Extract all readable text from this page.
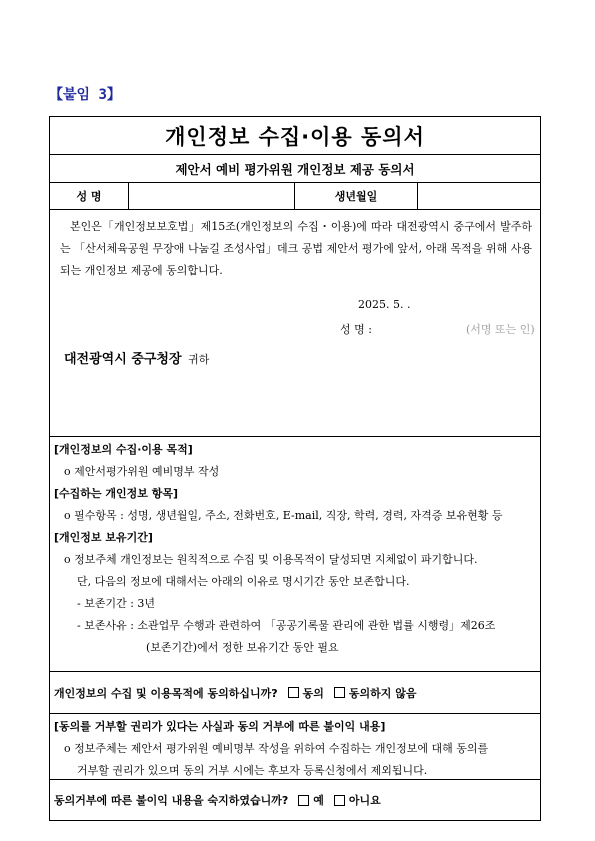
【붙임 3】
개인정보 수집·이용 동의서
제안서 예비 평가위원 개인정보 제공 동의서
성 명	생년월일

본인은「개인정보보호법」제15조(개인정보의 수집・이용)에 따라 대전광역시 중구에서 발주하는 「산서체육공원 무장애 나눔길 조성사업」데크 공법 제안서 평가에 앞서, 아래 목적을 위해 사용되는 개인정보 제공에 동의합니다.

2025. 5. .
성 명 :	(서명 또는 인)
대전광역시 중구청장 귀하
[개인정보의 수집·이용 목적]
o 제안서평가위원 예비명부 작성
[수집하는 개인정보 항목]
o 필수항목 : 성명, 생년월일, 주소, 전화번호, E-mail, 직장, 학력, 경력, 자격증 보유현황 등
[개인정보 보유기간]
o 정보주체 개인정보는 원칙적으로 수집 및 이용목적이 달성되면 지체없이 파기합니다.
단, 다음의 정보에 대해서는 아래의 이유로 명시기간 동안 보존합니다.
- 보존기간 : 3년
- 보존사유 : 소관업무 수행과 관련하여 「공공기록물 관리에 관한 법률 시행령」제26조
(보존기간)에서 정한 보유기간 동안 필요
개인정보의 수집 및 이용목적에 동의하십니까? 동의 동의하지 않음
[동의를 거부할 권리가 있다는 사실과 동의 거부에 따른 불이익 내용]
o 정보주체는 제안서 평가위원 예비명부 작성을 위하여 수집하는 개인정보에 대해 동의를
거부할 권리가 있으며 동의 거부 시에는 후보자 등록신청에서 제외됩니다.
동의거부에 따른 불이익 내용을 숙지하였습니까? 예 아니요
